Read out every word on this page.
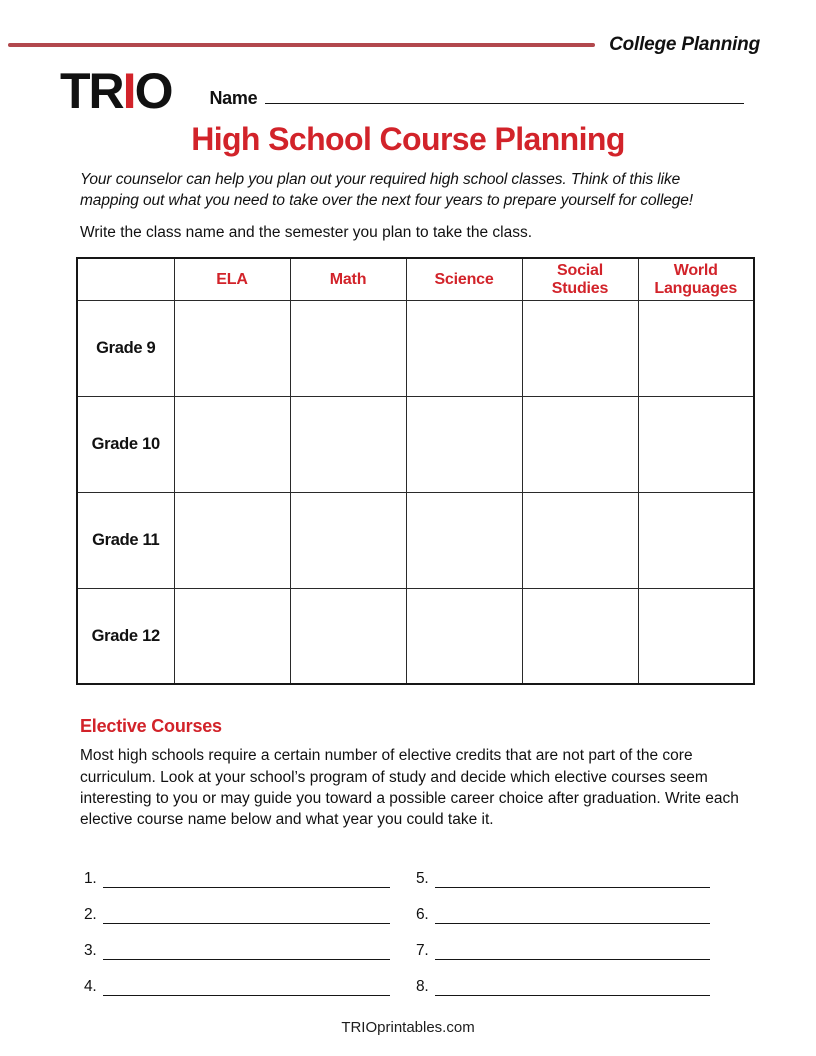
College Planning
TRIO Name
High School Course Planning

Your counselor can help you plan out your required high school classes. Think of this like mapping out what you need to take over the next four years to prepare yourself for college!

Write the class name and the semester you plan to take the class.

	ELA	Math	Science	Social Studies	World Languages
Grade 9					
Grade 10					
Grade 11					
Grade 12					
Elective Courses

Most high schools require a certain number of elective credits that are not part of the core curriculum. Look at your school’s program of study and decide which elective courses seem interesting to you or may guide you toward a possible career choice after graduation. Write each elective course name below and what year you could take it.

1.	5.
2.	6.
3.	7.
4.	8.
TRIOprintables.com
